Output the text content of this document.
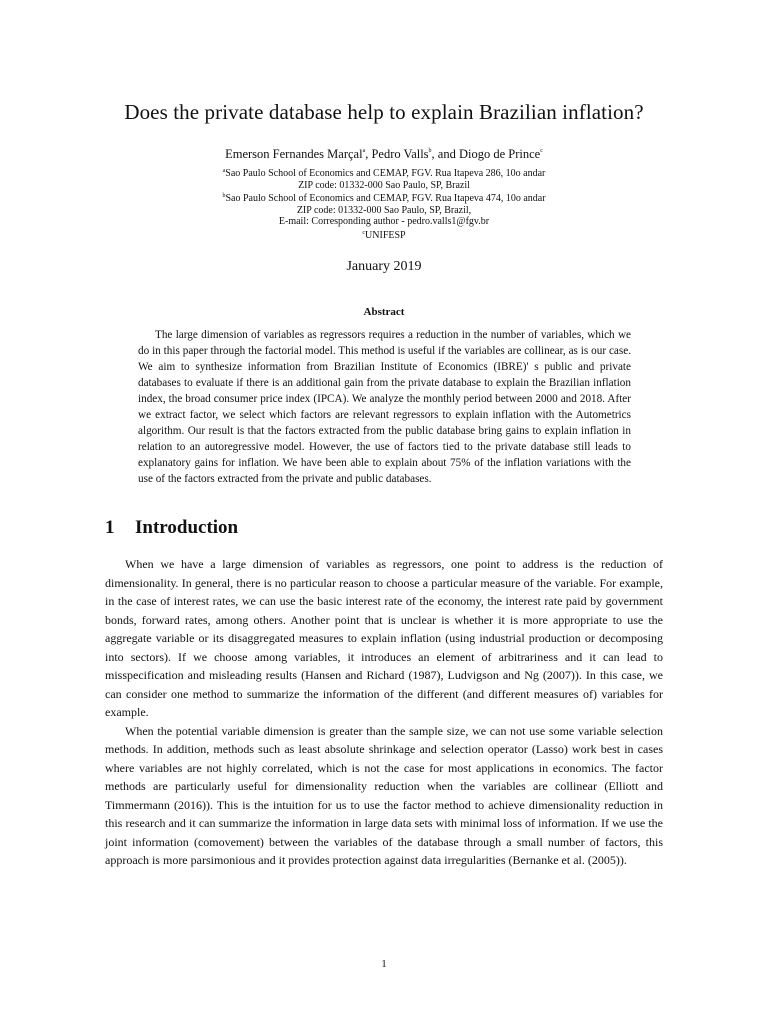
Does the private database help to explain Brazilian inflation?
Emerson Fernandes Marçal$^a$, Pedro Valls$^b$, and Diogo de Prince$^c$
$^a$Sao Paulo School of Economics and CEMAP, FGV. Rua Itapeva 286, 10o andar
ZIP code: 01332-000 Sao Paulo, SP, Brazil
$^b$Sao Paulo School of Economics and CEMAP, FGV. Rua Itapeva 474, 10o andar
ZIP code: 01332-000 Sao Paulo, SP, Brazil,
E-mail: Corresponding author - pedro.valls1@fgv.br
$^c$UNIFESP
January 2019
Abstract

The large dimension of variables as regressors requires a reduction in the number of variables, which we do in this paper through the factorial model. This method is useful if the variables are collinear, as is our case. We aim to synthesize information from Brazilian Institute of Economics (IBRE)' s public and private databases to evaluate if there is an additional gain from the private database to explain the Brazilian inflation index, the broad consumer price index (IPCA). We analyze the monthly period between 2000 and 2018. After we extract factor, we select which factors are relevant regressors to explain inflation with the Autometrics algorithm. Our result is that the factors extracted from the public database bring gains to explain inflation in relation to an autoregressive model. However, the use of factors tied to the private database still leads to explanatory gains for inflation. We have been able to explain about 75% of the inflation variations with the use of the factors extracted from the private and public databases.

1 Introduction

When we have a large dimension of variables as regressors, one point to address is the reduction of dimensionality. In general, there is no particular reason to choose a particular measure of the variable. For example, in the case of interest rates, we can use the basic interest rate of the economy, the interest rate paid by government bonds, forward rates, among others. Another point that is unclear is whether it is more appropriate to use the aggregate variable or its disaggregated measures to explain inflation (using industrial production or decomposing into sectors). If we choose among variables, it introduces an element of arbitrariness and it can lead to misspecification and misleading results (Hansen and Richard (1987), Ludvigson and Ng (2007)). In this case, we can consider one method to summarize the information of the different (and different measures of) variables for example.

When the potential variable dimension is greater than the sample size, we can not use some variable selection methods. In addition, methods such as least absolute shrinkage and selection operator (Lasso) work best in cases where variables are not highly correlated, which is not the case for most applications in economics. The factor methods are particularly useful for dimensionality reduction when the variables are collinear (Elliott and Timmermann (2016)). This is the intuition for us to use the factor method to achieve dimensionality reduction in this research and it can summarize the information in large data sets with minimal loss of information. If we use the joint information (comovement) between the variables of the database through a small number of factors, this approach is more parsimonious and it provides protection against data irregularities (Bernanke et al. (2005)).

1
